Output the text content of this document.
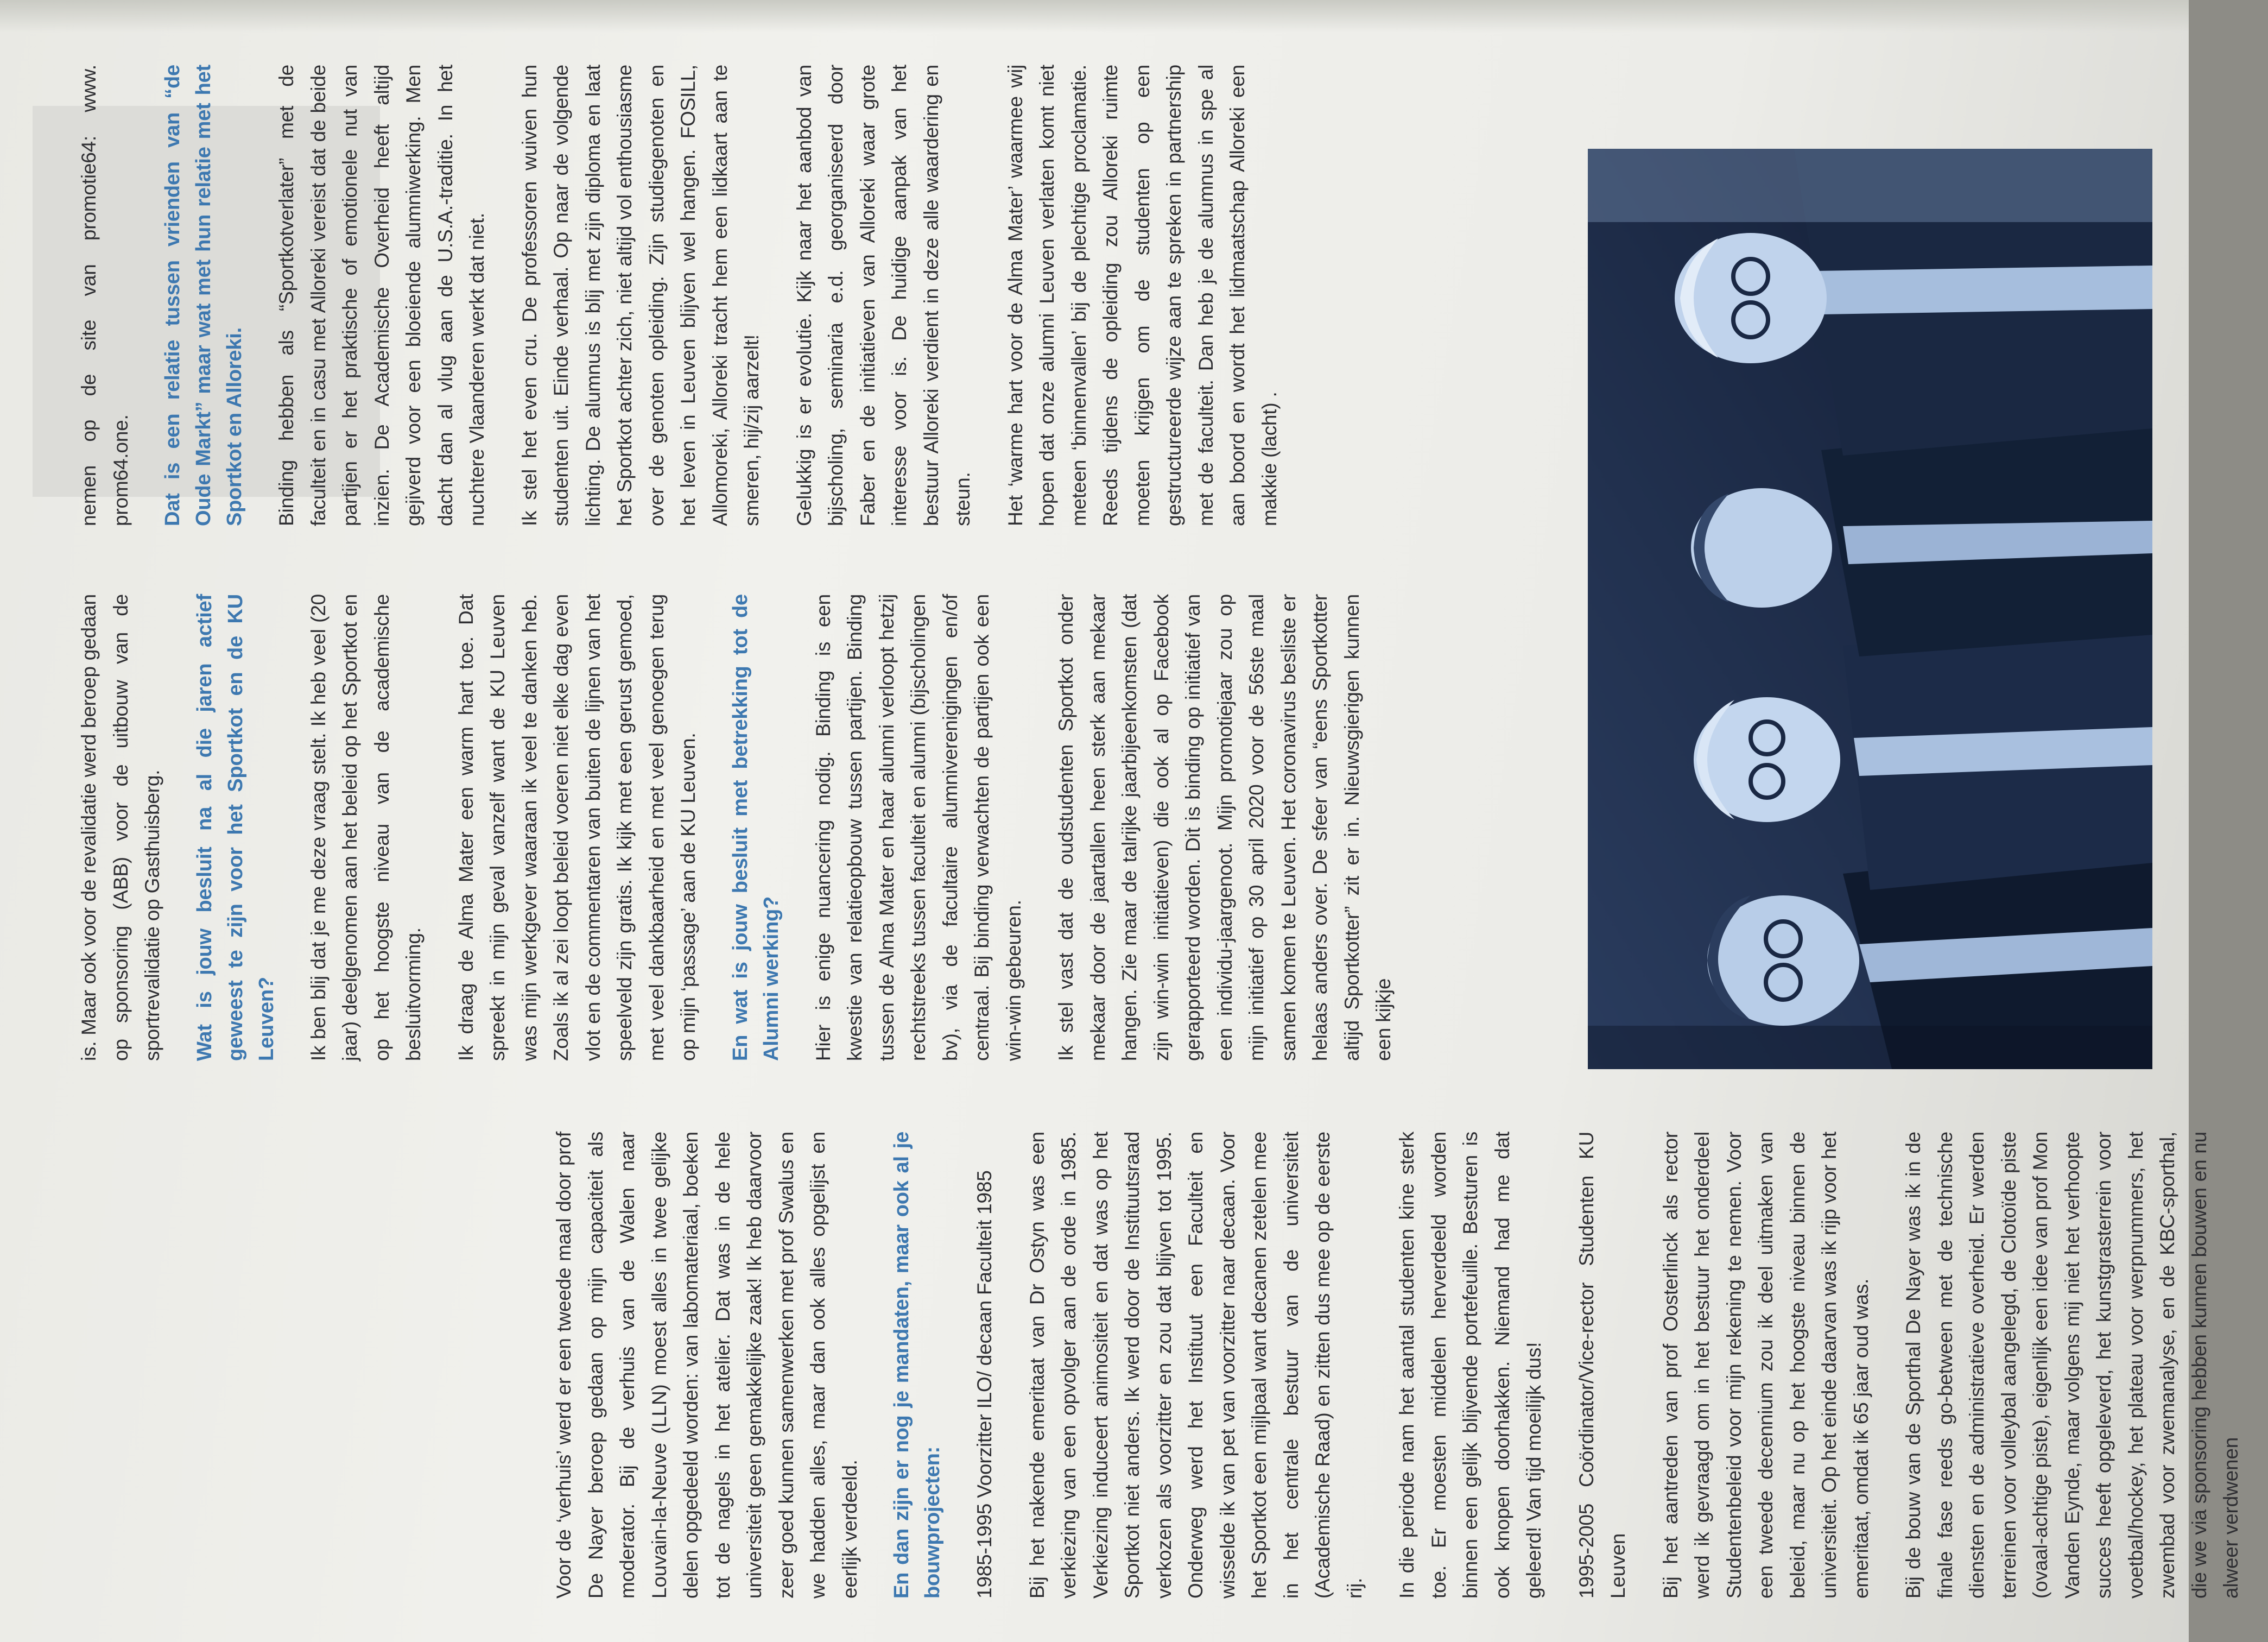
Voor de ‘verhuis’ werd er een tweede maal door prof De Nayer beroep gedaan op mijn capaciteit als moderator. Bij de verhuis van de Walen naar Louvain-la-Neuve (LLN) moest alles in twee gelijke delen opgedeeld worden: van labomateriaal, boeken tot de nagels in het atelier. Dat was in de hele universiteit geen gemakkelijke zaak! Ik heb daarvoor zeer goed kunnen samenwerken met prof Swalus en we hadden alles, maar dan ook alles opgelijst en eerlijk verdeeld. En dan zijn er nog je mandaten, maar ook al je bouwprojecten: 1985-1995 Voorzitter ILO/ decaan Faculteit 1985 Bij het nakende emeritaat van Dr Ostyn was een verkiezing van een opvolger aan de orde in 1985. Verkiezing induceert animositeit en dat was op het Sportkot niet anders. Ik werd door de Instituutsraad verkozen als voorzitter en zou dat blijven tot 1995. Onderweg werd het Instituut een Faculteit en wisselde ik van pet van voorzitter naar decaan. Voor het Sportkot een mijlpaal want decanen zetelen mee in het centrale bestuur van de universiteit (Academische Raad) en zitten dus mee op de eerste rij. In die periode nam het aantal studenten kine sterk toe. Er moesten middelen herverdeeld worden binnen een gelijk blijvende portefeuille. Besturen is ook knopen doorhakken. Niemand had me dat geleerd! Van tijd moeilijk dus! 1995-2005 Coördinator/Vice-rector Studenten KU Leuven Bij het aantreden van prof Oosterlinck als rector werd ik gevraagd om in het bestuur het onderdeel Studentenbeleid voor mijn rekening te nemen. Voor een tweede decennium zou ik deel uitmaken van beleid, maar nu op het hoogste niveau binnen de universiteit. Op het einde daarvan was ik rijp voor het emeritaat, omdat ik 65 jaar oud was. Bij de bouw van de Sporthal De Nayer was ik in de finale fase reeds go-between met de technische diensten en de administratieve overheid. Er werden terreinen voor volleybal aangelegd, de Clotoïde piste (ovaal-achtige piste), eigenlijk een idee van prof Mon Vanden Eynde, maar volgens mij niet het verhoopte succes heeft opgeleverd, het kunstgrasterrein voor voetbal/hockey, het plateau voor werpnummers, het zwembad voor zwemanalyse, en de KBC-sporthal, die we via sponsoring hebben kunnen bouwen en nu alweer verdwenen

is. Maar ook voor de revalidatie werd beroep gedaan op sponsoring (ABB) voor de uitbouw van de sportrevalidatie op Gasthuisberg. Wat is jouw besluit na al die jaren actief geweest te zijn voor het Sportkot en de KU Leuven? Ik ben blij dat je me deze vraag stelt. Ik heb veel (20 jaar) deelgenomen aan het beleid op het Sportkot en op het hoogste niveau van de academische besluitvorming. Ik draag de Alma Mater een warm hart toe. Dat spreekt in mijn geval vanzelf want de KU Leuven was mijn werkgever waaraan ik veel te danken heb. Zoals ik al zei loopt beleid voeren niet elke dag even vlot en de commentaren van buiten de lijnen van het speelveld zijn gratis. Ik kijk met een gerust gemoed, met veel dankbaarheid en met veel genoegen terug op mijn ‘passage’ aan de KU Leuven. En wat is jouw besluit met betrekking tot de Alumni werking? Hier is enige nuancering nodig. Binding is een kwestie van relatieopbouw tussen partijen. Binding tussen de Alma Mater en haar alumni verloopt hetzij rechtstreeks tussen faculteit en alumni (bijscholingen bv), via de facultaire alumniverenigingen en/of centraal. Bij binding verwachten de partijen ook een win-win gebeuren. Ik stel vast dat de oudstudenten Sportkot onder mekaar door de jaartallen heen sterk aan mekaar hangen. Zie maar de talrijke jaarbijeenkomsten (dat zijn win-win initiatieven) die ook al op Facebook gerapporteerd worden. Dit is binding op initiatief van een individu-jaargenoot. Mijn promotiejaar zou op mijn initiatief op 30 april 2020 voor de 56ste maal samen komen te Leuven. Het coronavirus besliste er helaas anders over. De sfeer van “eens Sportkotter altijd Sportkotter” zit er in. Nieuwsgierigen kunnen een kijkje

nemen op de site van promotie64: www. prom64.one. Dat is een relatie tussen vrienden van “de Oude Markt” maar wat met hun relatie met het Sportkot en Alloreki. Binding hebben als “Sportkotverlater” met de faculteit en in casu met Alloreki vereist dat de beide partijen er het praktische of emotionele nut van inzien. De Academische Overheid heeft altijd gejiverd voor een bloeiende alumniwerking. Men dacht dan al vlug aan de U.S.A.-traditie. In het nuchtere Vlaanderen werkt dat niet. Ik stel het even cru. De professoren wuiven hun studenten uit. Einde verhaal. Op naar de volgende lichting. De alumnus is blij met zijn diploma en laat het Sportkot achter zich, niet altijd vol enthousiasme over de genoten opleiding. Zijn studiegenoten en het leven in Leuven blijven wel hangen. FOSILL, Allomoreki, Alloreki tracht hem een lidkaart aan te smeren, hij/zij aarzelt! Gelukkig is er evolutie. Kijk naar het aanbod van bijscholing, seminaria e.d. georganiseerd door Faber en de initiatieven van Alloreki waar grote interesse voor is. De huidige aanpak van het bestuur Alloreki verdient in deze alle waardering en steun. Het ‘warme hart voor de Alma Mater’ waarmee wij hopen dat onze alumni Leuven verlaten komt niet meteen ‘binnenvallen’ bij de plechtige proclamatie. Reeds tijdens de opleiding zou Alloreki ruimte moeten krijgen om de studenten op een gestructureerde wijze aan te spreken in partnership met de faculteit. Dan heb je de alumnus in spe al aan boord en wordt het lidmaatschap Alloreki een makkie (lacht) .
